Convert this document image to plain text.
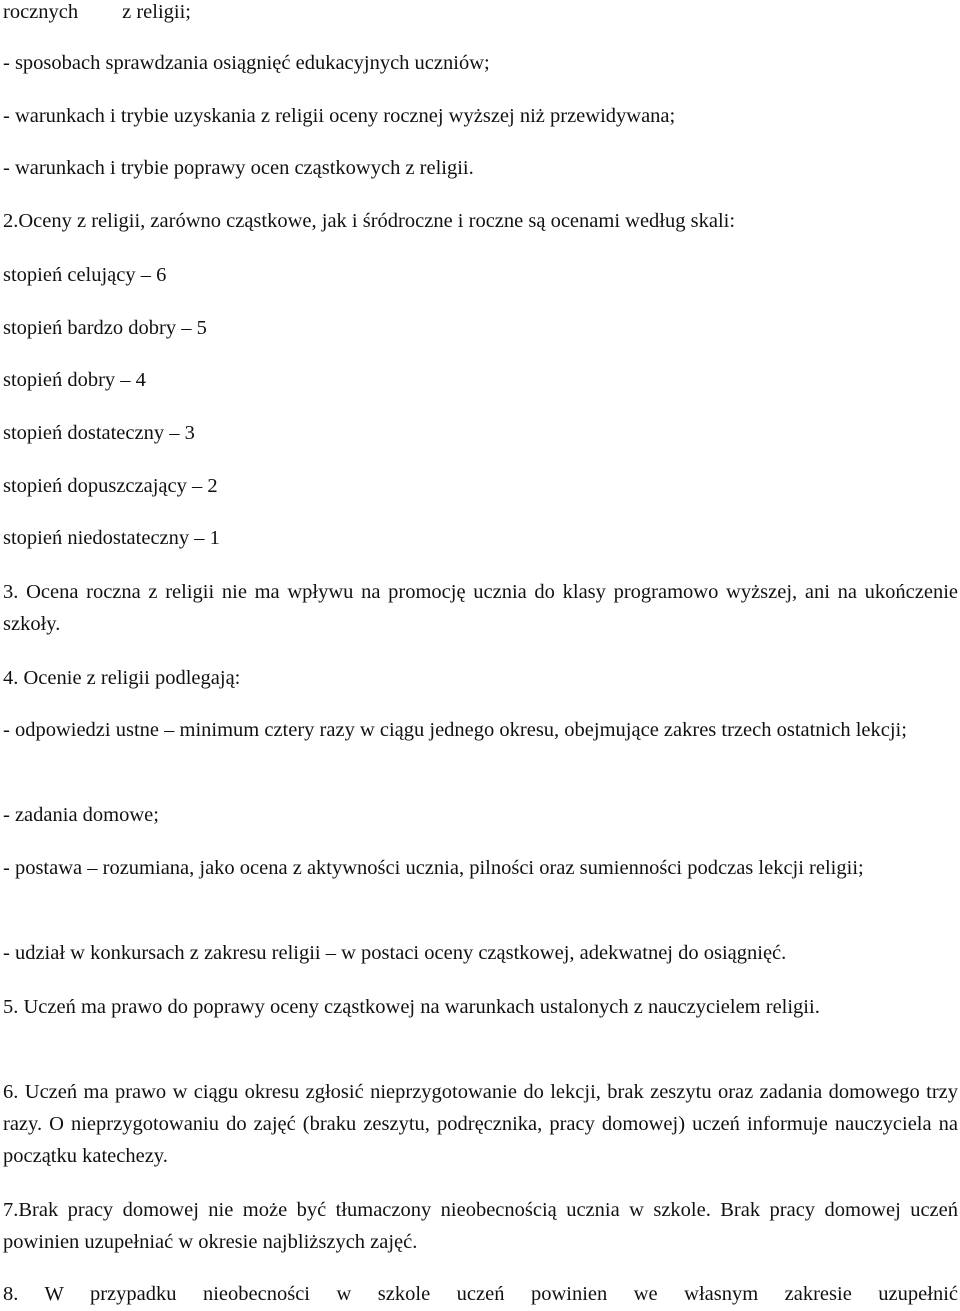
rocznych z religii;
- sposobach sprawdzania osiągnięć edukacyjnych uczniów;
- warunkach i trybie uzyskania z religii oceny rocznej wyższej niż przewidywana;
- warunkach i trybie poprawy ocen cząstkowych z religii.
2.Oceny z religii, zarówno cząstkowe, jak i śródroczne i roczne są ocenami według skali:
stopień celujący – 6
stopień bardzo dobry – 5
stopień dobry – 4
stopień dostateczny – 3
stopień dopuszczający – 2
stopień niedostateczny – 1
3. Ocena roczna z religii nie ma wpływu na promocję ucznia do klasy programowo wyższej, ani na ukończenie szkoły.
4. Ocenie z religii podlegają:
- odpowiedzi ustne – minimum cztery razy w ciągu jednego okresu, obejmujące zakres trzech ostatnich lekcji;
- zadania domowe;
- postawa – rozumiana, jako ocena z aktywności ucznia, pilności oraz sumienności podczas lekcji religii;
- udział w konkursach z zakresu religii – w postaci oceny cząstkowej, adekwatnej do osiągnięć.
5. Uczeń ma prawo do poprawy oceny cząstkowej na warunkach ustalonych z nauczycielem religii.
6. Uczeń ma prawo w ciągu okresu zgłosić nieprzygotowanie do lekcji, brak zeszytu oraz zadania domowego trzy razy. O nieprzygotowaniu do zajęć (braku zeszytu, podręcznika, pracy domowej) uczeń informuje nauczyciela na początku katechezy.
7.Brak pracy domowej nie może być tłumaczony nieobecnością ucznia w szkole. Brak pracy domowej uczeń powinien uzupełniać w okresie najbliższych zajęć.
8. W przypadku nieobecności w szkole uczeń powinien we własnym zakresie uzupełnić
